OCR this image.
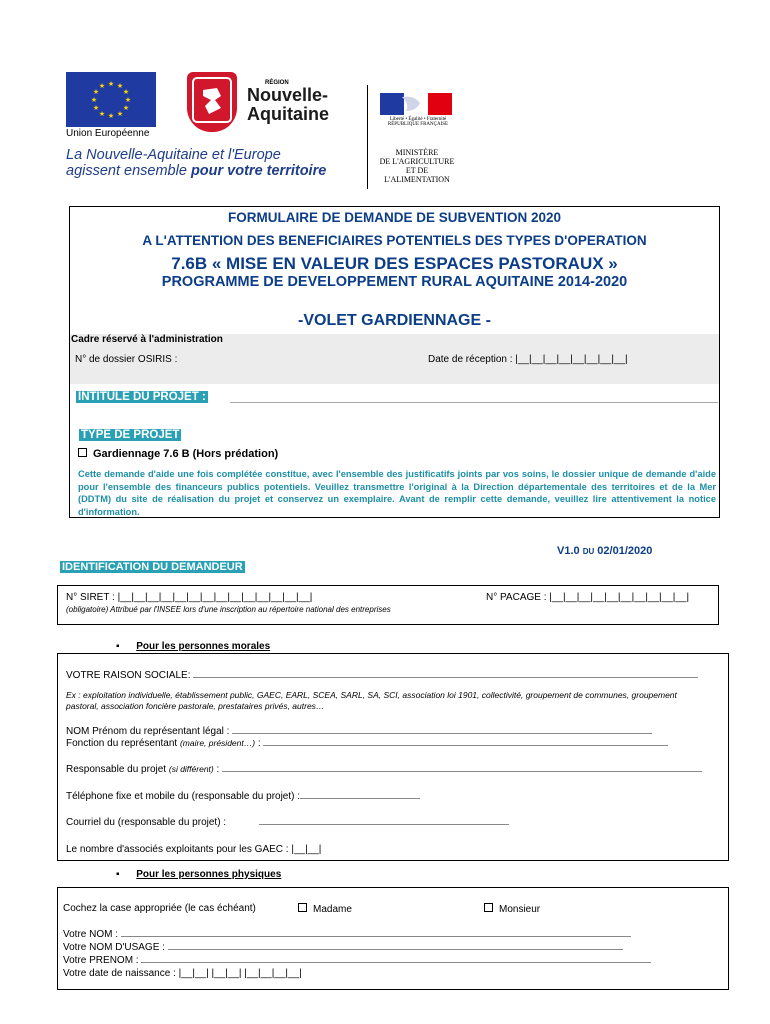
★ ★
★
★
★
★
★
★
★
★
★
★
Union Européenne
RÉGION
Nouvelle-
Aquitaine
La Nouvelle-Aquitaine et l'Europe
agissent ensemble pour votre territoire
Liberté • Égalité • Fraternité
RÉPUBLIQUE FRANÇAISE
MINISTÈRE
DE L'AGRICULTURE
ET DE
L'ALIMENTATION
FORMULAIRE DE DEMANDE DE SUBVENTION 2020
A L'ATTENTION DES BENEFICIAIRES POTENTIELS DES TYPES D'OPERATION
7.6B « MISE EN VALEUR DES ESPACES PASTORAUX »
PROGRAMME DE DEVELOPPEMENT RURAL AQUITAINE 2014-2020
-VOLET GARDIENNAGE -
Cadre réservé à l'administration
N° de dossier OSIRIS :	Date de réception : |__|__|__|__|__|__|__|__|
INTITULE DU PROJET :
TYPE DE PROJET
Gardiennage 7.6 B (Hors prédation)
Cette demande d'aide une fois complétée constitue, avec l'ensemble des justificatifs joints par vos soins, le dossier unique de demande d'aide pour l'ensemble des financeurs publics potentiels. Veuillez transmettre l'original à la Direction départementale des territoires et de la Mer (DDTM) du site de réalisation du projet et conservez un exemplaire. Avant de remplir cette demande, veuillez lire attentivement la notice d'information.
V1.0 DU 02/01/2020
IDENTIFICATION DU DEMANDEUR
N° SIRET : |__|__|__|__|__|__|__|__|__|__|__|__|__|__|
(obligatoire) Attribué par l'INSEE lors d'une inscription au répertoire national des entreprises
N° PACAGE : |__|__|__|__|__|__|__|__|__|__|
▪      Pour les personnes morales
VOTRE RAISON SOCIALE:
Ex : exploitation individuelle, établissement public, GAEC, EARL, SCEA, SARL, SA, SCI, association loi 1901, collectivité, groupement de communes, groupement pastoral, association foncière pastorale, prestataires privés, autres…
NOM Prénom du représentant légal :
Fonction du représentant (maire, président…) :
Responsable du projet (si différent) :
Téléphone fixe et mobile du (responsable du projet) :
Courriel du (responsable du projet) :
Le nombre d'associés exploitants pour les GAEC : |__|__|
▪      Pour les personnes physiques
Cochez la case appropriée (le cas échéant)	Madame	Monsieur
Votre NOM :
Votre NOM D'USAGE :
Votre PRENOM :
Votre date de naissance : |__|__| |__|__| |__|__|__|__|
